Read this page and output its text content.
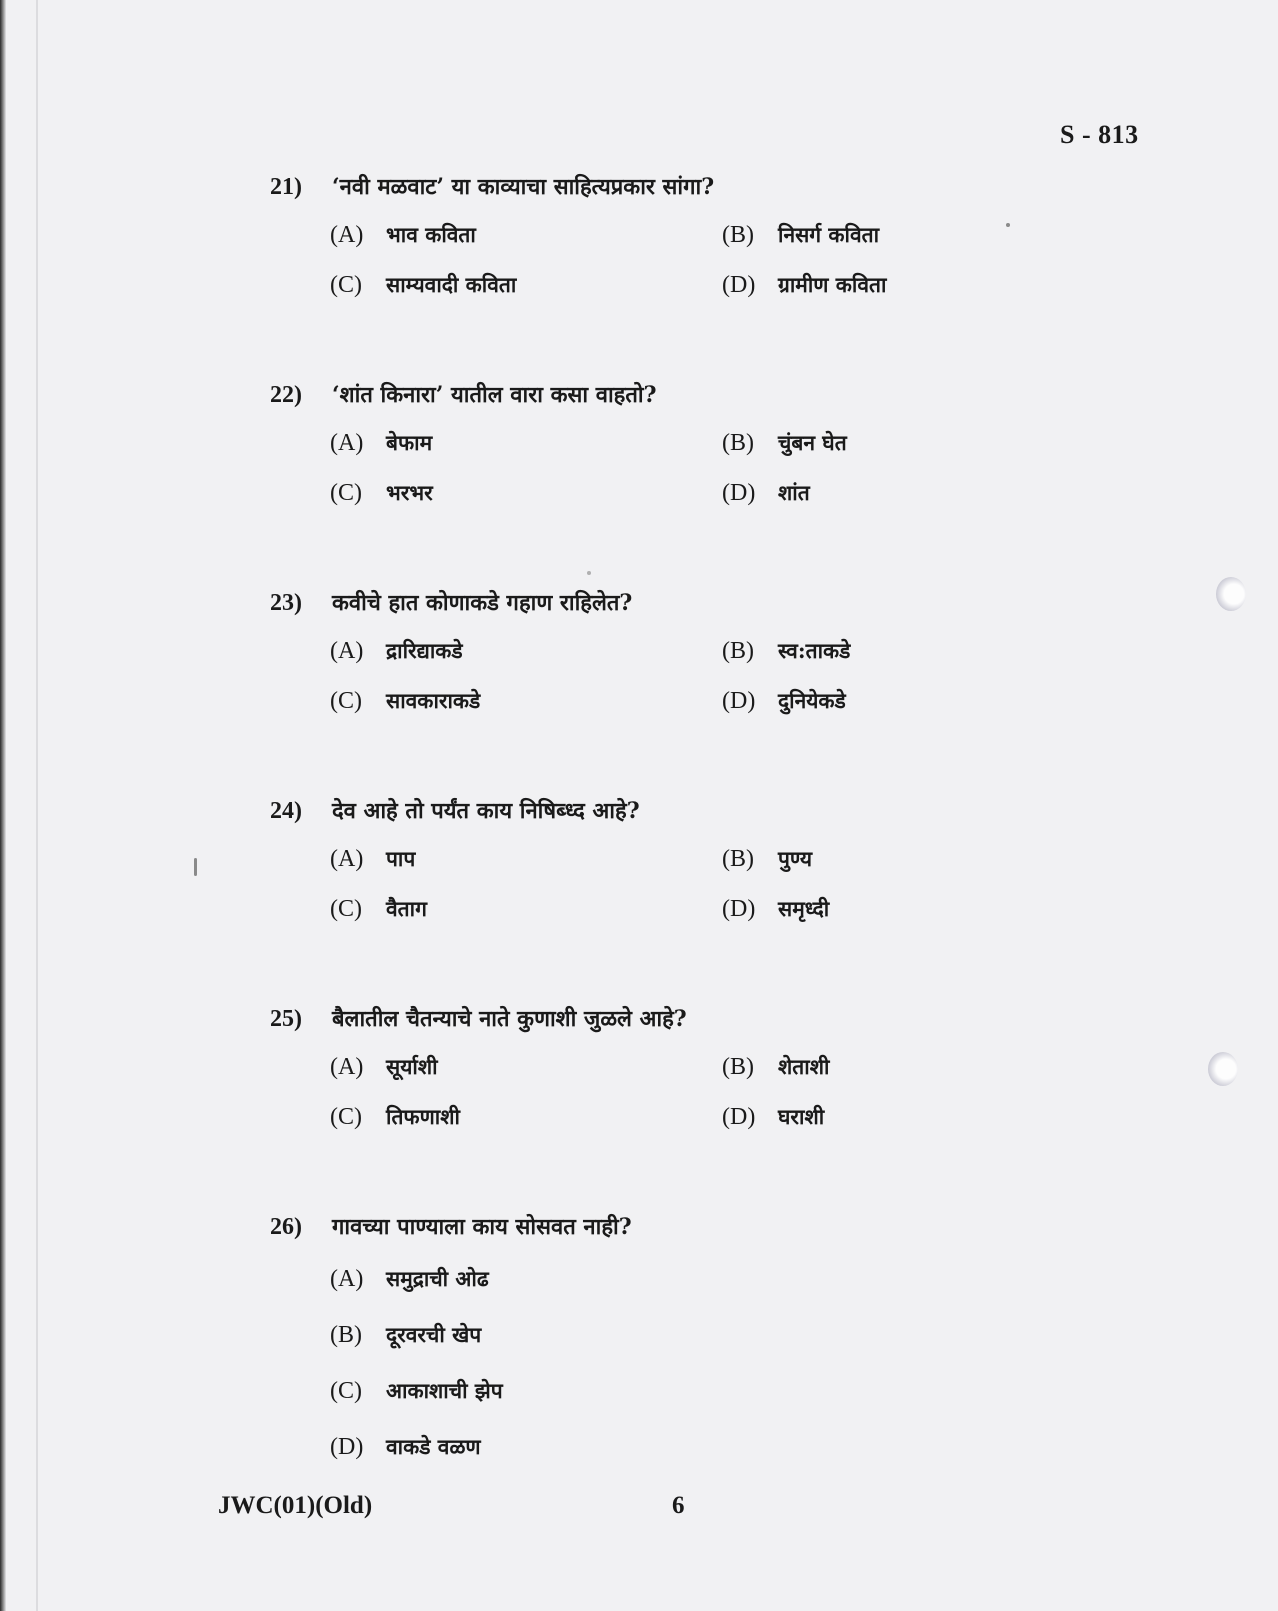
S - 813
21)	‘नवी मळवाट’ या काव्याचा साहित्यप्रकार सांगा?
(A)	भाव कविता	(B)	निसर्ग कविता
(C)	साम्यवादी कविता	(D)	ग्रामीण कविता
22)	‘शांत किनारा’ यातील वारा कसा वाहतो?
(A)	बेफाम	(B)	चुंबन घेत
(C)	भरभर	(D)	शांत
23)	कवीचे हात कोणाकडे गहाण राहिलेत?
(A)	द्रारिद्याकडे	(B)	स्व:ताकडे
(C)	सावकाराकडे	(D)	दुनियेकडे
24)	देव आहे तो पर्यंत काय निषिब्ध्द आहे?
(A)	पाप	(B)	पुण्य
(C)	वैताग	(D)	समृध्दी
25)	बैलातील चैतन्याचे नाते कुणाशी जुळले आहे?
(A)	सूर्याशी	(B)	शेताशी
(C)	तिफणाशी	(D)	घराशी
26)	गावच्या पाण्याला काय सोसवत नाही?
(A)	समुद्राची ओढ
(B)	दूरवरची खेप
(C)	आकाशाची झेप
(D)	वाकडे वळण
JWC(01)(Old)	6
